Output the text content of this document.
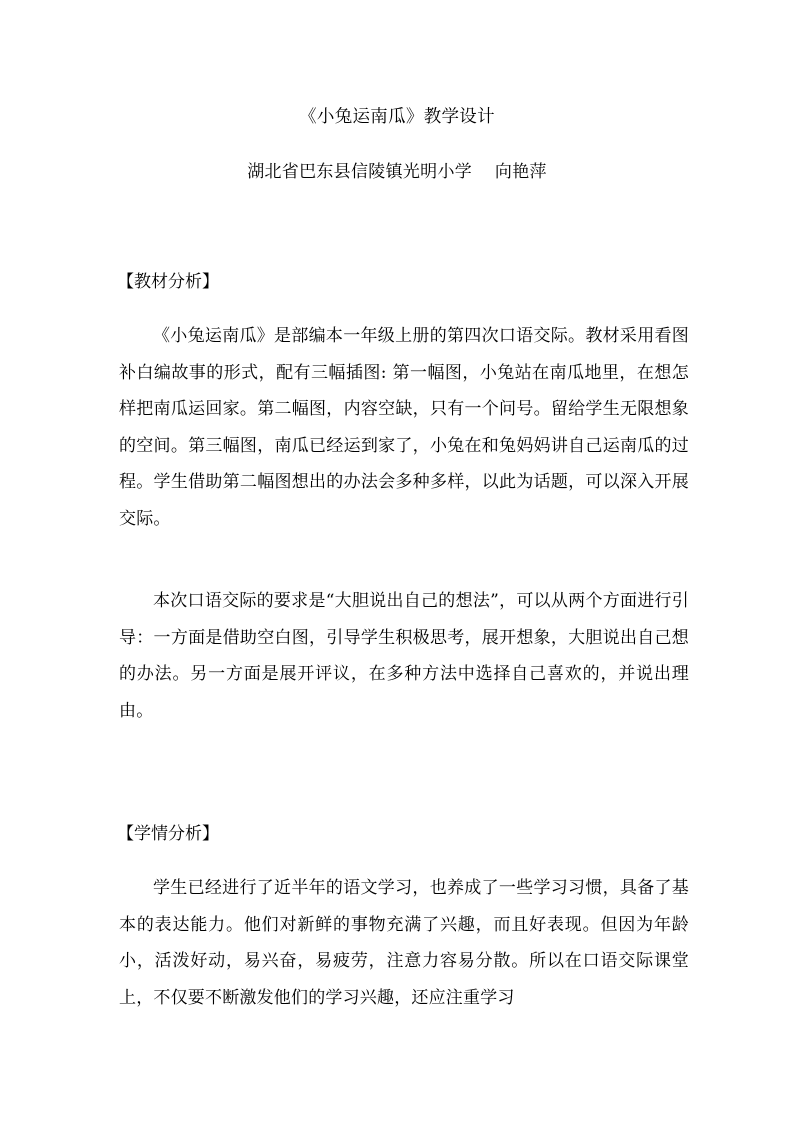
《小兔运南瓜》教学设计
湖北省巴东县信陵镇光明小学    向艳萍
【教材分析】

《小兔运南瓜》是部编本一年级上册的第四次口语交际。教材采用看图补白编故事的形式，配有三幅插图: 第一幅图，小兔站在南瓜地里，在想怎样把南瓜运回家。第二幅图，内容空缺，只有一个问号。留给学生无限想象的空间。第三幅图，南瓜已经运到家了，小兔在和兔妈妈讲自己运南瓜的过程。学生借助第二幅图想出的办法会多种多样，以此为话题，可以深入开展交际。

本次口语交际的要求是“大胆说出自己的想法”，可以从两个方面进行引导：一方面是借助空白图，引导学生积极思考，展开想象，大胆说出自己想的办法。另一方面是展开评议，在多种方法中选择自己喜欢的，并说出理由。

【学情分析】

学生已经进行了近半年的语文学习，也养成了一些学习习惯，具备了基本的表达能力。他们对新鲜的事物充满了兴趣，而且好表现。但因为年龄小，活泼好动，易兴奋，易疲劳，注意力容易分散。所以在口语交际课堂上，不仅要不断激发他们的学习兴趣，还应注重学习
